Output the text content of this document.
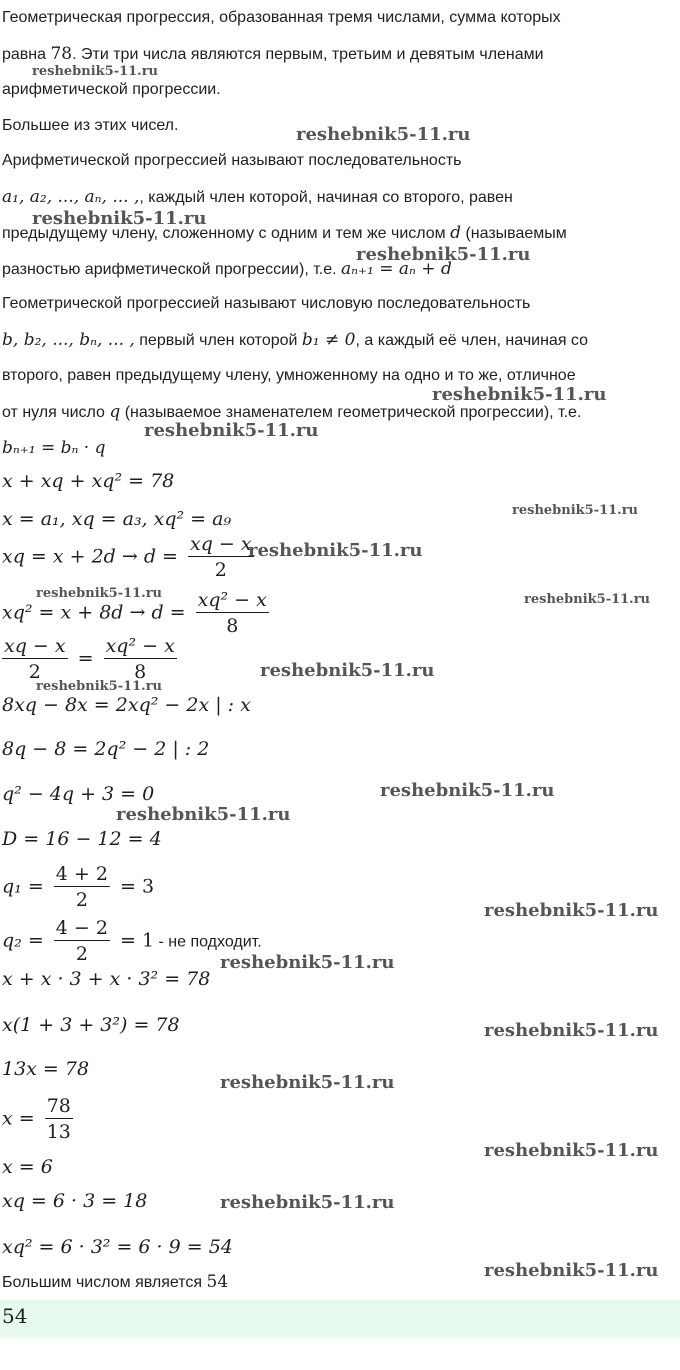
Геометрическая прогрессия, образованная тремя числами, сумма которых
равна 78. Эти три числа являются первым, третьим и девятым членами
арифметической прогрессии.
Большее из этих чисел.
Арифметической прогрессией называют последовательность
a₁, a₂, ..., aₙ, ... ,, каждый член которой, начиная со второго, равен
предыдущему члену, сложенному с одним и тем же числом d (называемым
разностью арифметической прогрессии), т.е. aₙ₊₁ = aₙ + d
Геометрической прогрессией называют числовую последовательность
b, b₂, ..., bₙ, ... , первый член которой b₁ ≠ 0, а каждый её член, начиная со
второго, равен предыдущему члену, умноженному на одно и то же, отличное
от нуля число q (называемое знаменателем геометрической прогрессии), т.е.
bₙ₊₁ = bₙ · q
x + xq + xq² = 78
x = a₁, xq = a₃, xq² = a₉
xq = $x + 2d \to d = \frac{xq - x}{2}$
$xq^2 = x + 8d \to d = \frac{\text{xq² − x}}{8}$
$\frac{xq - x}{2} = \frac{\text{xq² − x}}{8}$
8xq − 8x = 2xq² − 2x | : x
8q − 8 = 2q² − 2 | : 2
q² − 4q + 3 = 0
D = 16 − 12 = 4
$q_1 = \frac{4 + 2}{2} = 3$
$q_2 = \frac{4 - 2}{2} = 1$ - не подходит.
x + x · 3 + x · 3² = 78
x(1 + 3 + 3²) = 78
13x = 78
$x = \frac{78}{13}$
x = 6
xq = 6 · 3 = 18
xq² = 6 · 3² = 6 · 9 = 54
Большим числом является 54
54
reshebnik5-11.ru
reshebnik5-11.ru
reshebnik5-11.ru
reshebnik5-11.ru
reshebnik5-11.ru
reshebnik5-11.ru
reshebnik5-11.ru
reshebnik5-11.ru
reshebnik5-11.ru	reshebnik5-11.ru
reshebnik5-11.ru
reshebnik5-11.ru
reshebnik5-11.ru
reshebnik5-11.ru
reshebnik5-11.ru
reshebnik5-11.ru
reshebnik5-11.ru
reshebnik5-11.ru
reshebnik5-11.ru
reshebnik5-11.ru
reshebnik5-11.ru
